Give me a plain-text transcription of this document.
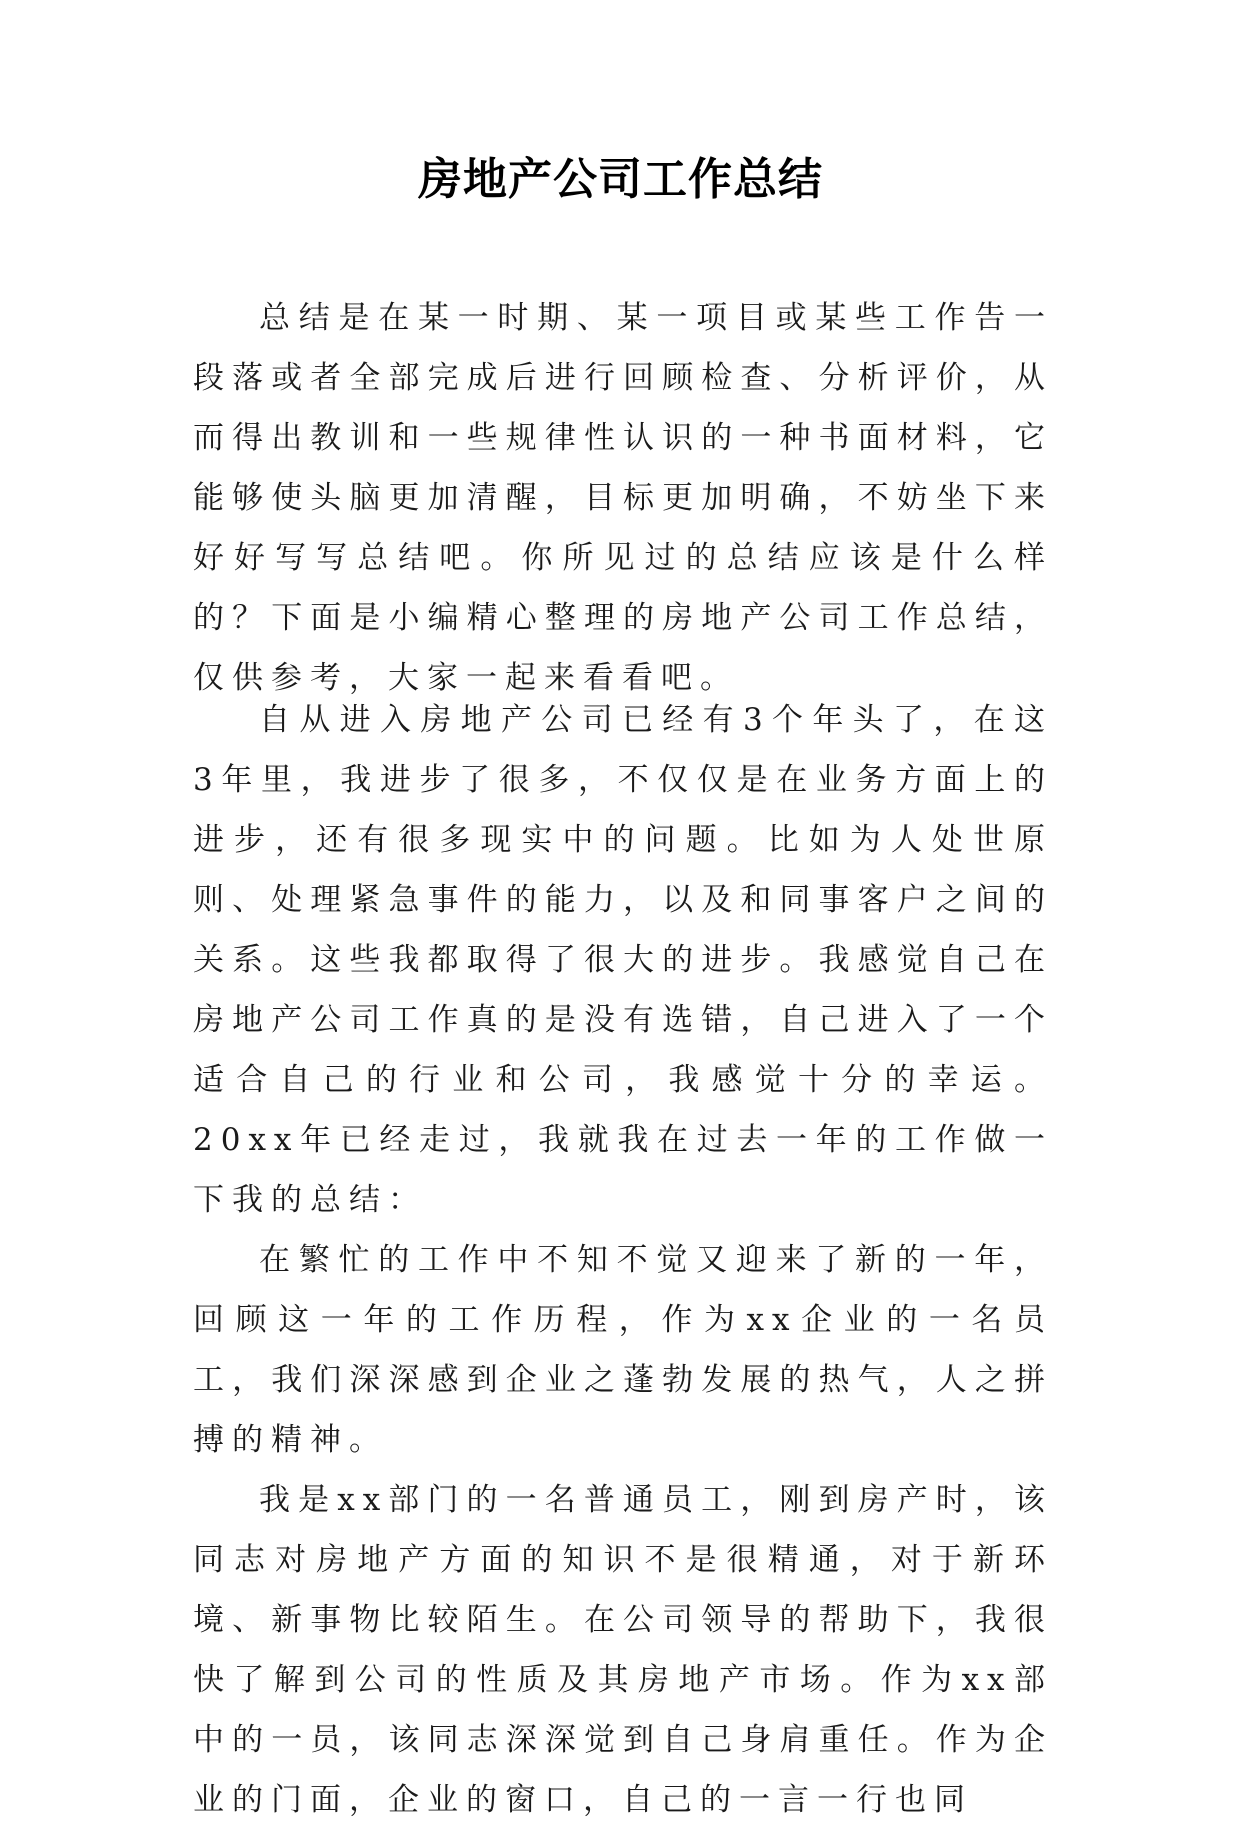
房地产公司工作总结

总结是在某一时期、某一项目或某些工作告一段落或者全部完成后进行回顾检查、分析评价，从而得出教训和一些规律性认识的一种书面材料，它能够使头脑更加清醒，目标更加明确，不妨坐下来好好写写总结吧。你所见过的总结应该是什么样的？下面是小编精心整理的房地产公司工作总结，仅供参考，大家一起来看看吧。

自从进入房地产公司已经有3个年头了，在这3年里，我进步了很多，不仅仅是在业务方面上的进步，还有很多现实中的问题。比如为人处世原则、处理紧急事件的能力，以及和同事客户之间的关系。这些我都取得了很大的进步。我感觉自己在房地产公司工作真的是没有选错，自己进入了一个适合自己的行业和公司，我感觉十分的幸运。20xx年已经走过，我就我在过去一年的工作做一下我的总结：

在繁忙的工作中不知不觉又迎来了新的一年，回顾这一年的工作历程，作为xx企业的一名员工，我们深深感到企业之蓬勃发展的热气，人之拼搏的精神。

我是xx部门的一名普通员工，刚到房产时，该同志对房地产方面的知识不是很精通，对于新环境、新事物比较陌生。在公司领导的帮助下，我很快了解到公司的性质及其房地产市场。作为xx部中的一员，该同志深深觉到自己身肩重任。作为企业的门面，企业的窗口，自己的一言一行也同
